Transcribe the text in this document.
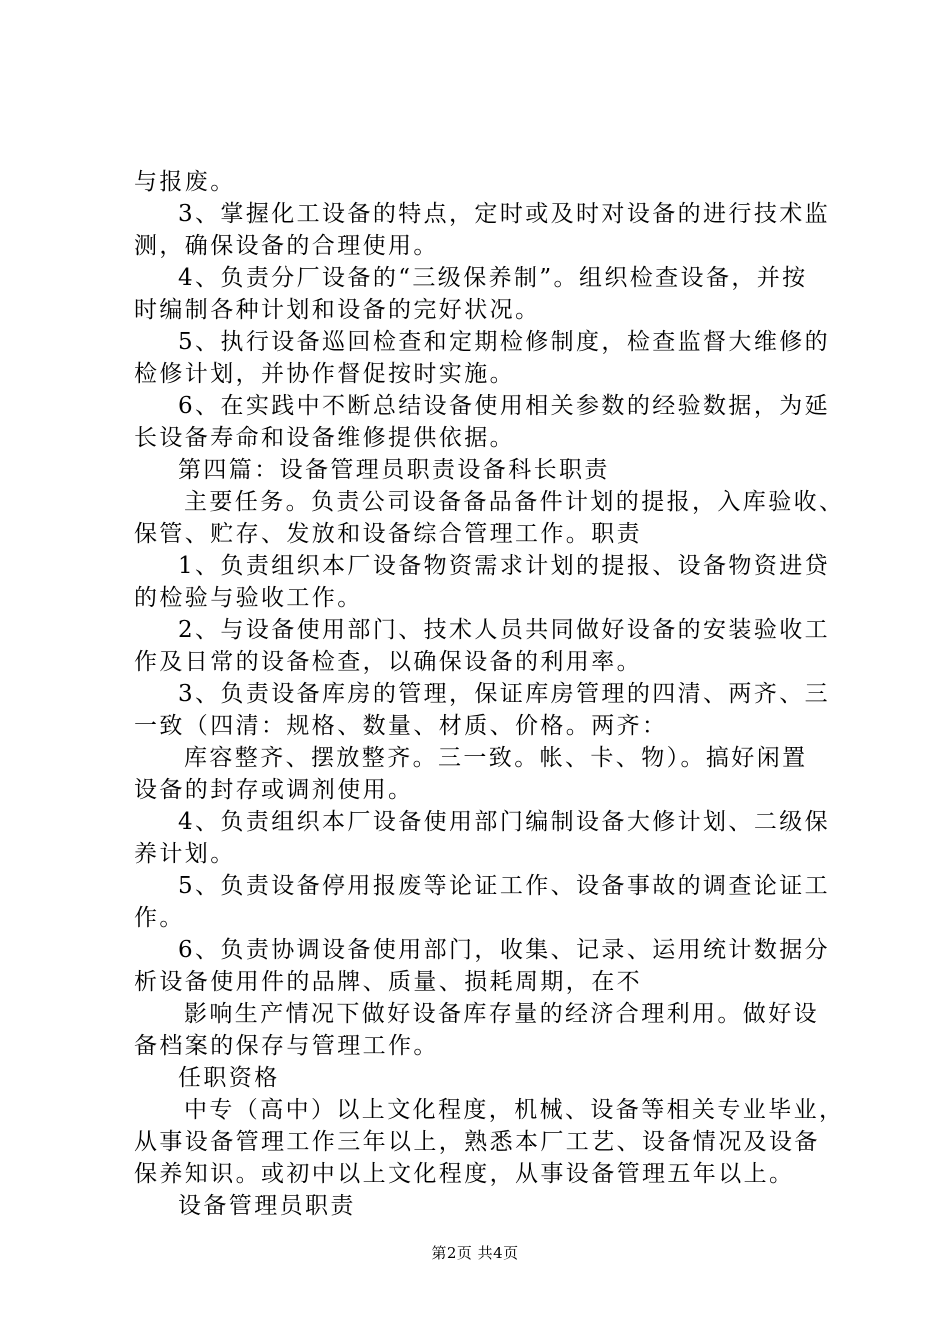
与报废。
3、掌握化工设备的特点，定时或及时对设备的进行技术监
测，确保设备的合理使用。
4、负责分厂设备的“三级保养制”。组织检查设备，并按
时编制各种计划和设备的完好状况。
5、执行设备巡回检查和定期检修制度，检查监督大维修的
检修计划，并协作督促按时实施。
6、在实践中不断总结设备使用相关参数的经验数据，为延
长设备寿命和设备维修提供依据。
第四篇：设备管理员职责设备科长职责
主要任务。负责公司设备备品备件计划的提报，入库验收、
保管、贮存、发放和设备综合管理工作。职责
1、负责组织本厂设备物资需求计划的提报、设备物资进贷
的检验与验收工作。
2、与设备使用部门、技术人员共同做好设备的安装验收工
作及日常的设备检查，以确保设备的利用率。
3、负责设备库房的管理，保证库房管理的四清、两齐、三
一致（四清：规格、数量、材质、价格。两齐：
库容整齐、摆放整齐。三一致。帐、卡、物）。搞好闲置
设备的封存或调剂使用。
4、负责组织本厂设备使用部门编制设备大修计划、二级保
养计划。
5、负责设备停用报废等论证工作、设备事故的调查论证工
作。
6、负责协调设备使用部门，收集、记录、运用统计数据分
析设备使用件的品牌、质量、损耗周期，在不
影响生产情况下做好设备库存量的经济合理利用。做好设
备档案的保存与管理工作。
任职资格
中专（高中）以上文化程度，机械、设备等相关专业毕业，
从事设备管理工作三年以上，熟悉本厂工艺、设备情况及设备
保养知识。或初中以上文化程度，从事设备管理五年以上。
设备管理员职责
第2页 共4页
